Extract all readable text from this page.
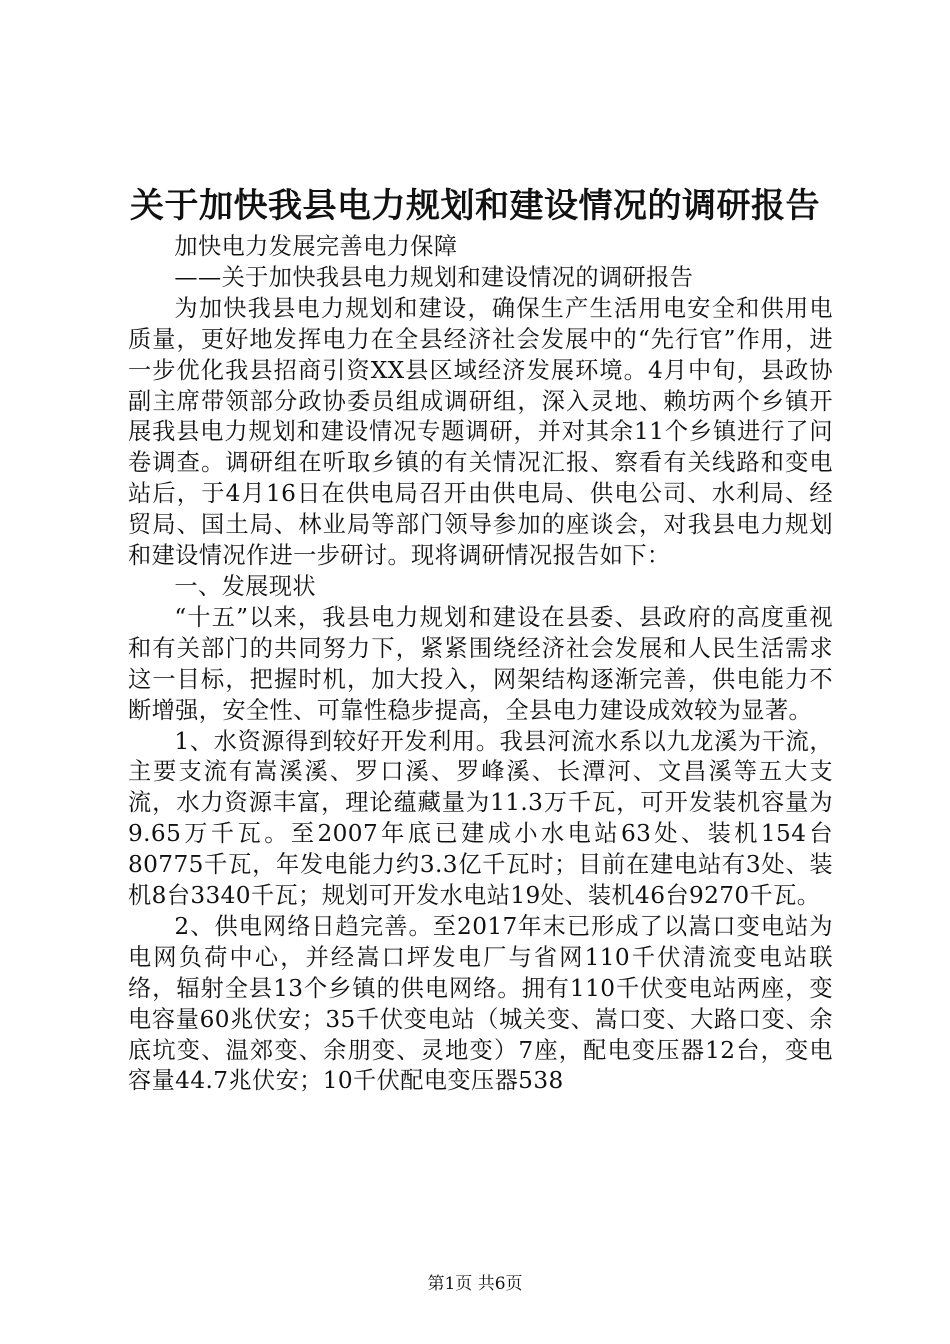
关于加快我县电力规划和建设情况的调研报告

加快电力发展完善电力保障

——关于加快我县电力规划和建设情况的调研报告

为加快我县电力规划和建设，确保生产生活用电安全和供用电质量，更好地发挥电力在全县经济社会发展中的“先行官”作用，进一步优化我县招商引资XX县区域经济发展环境。4月中旬，县政协副主席带领部分政协委员组成调研组，深入灵地、赖坊两个乡镇开展我县电力规划和建设情况专题调研，并对其余11个乡镇进行了问卷调查。调研组在听取乡镇的有关情况汇报、察看有关线路和变电站后，于4月16日在供电局召开由供电局、供电公司、水利局、经贸局、国土局、林业局等部门领导参加的座谈会，对我县电力规划和建设情况作进一步研讨。现将调研情况报告如下：

一、发展现状

“十五”以来，我县电力规划和建设在县委、县政府的高度重视和有关部门的共同努力下，紧紧围绕经济社会发展和人民生活需求这一目标，把握时机，加大投入，网架结构逐渐完善，供电能力不断增强，安全性、可靠性稳步提高，全县电力建设成效较为显著。

1、水资源得到较好开发利用。我县河流水系以九龙溪为干流，主要支流有嵩溪溪、罗口溪、罗峰溪、长潭河、文昌溪等五大支流，水力资源丰富，理论蕴藏量为11.3万千瓦，可开发装机容量为9.65万千瓦。至2007年底已建成小水电站63处、装机154台80775千瓦，年发电能力约3.3亿千瓦时；目前在建电站有3处、装机8台3340千瓦；规划可开发水电站19处、装机46台9270千瓦。

2、供电网络日趋完善。至2017年末已形成了以嵩口变电站为电网负荷中心，并经嵩口坪发电厂与省网110千伏清流变电站联络，辐射全县13个乡镇的供电网络。拥有110千伏变电站两座，变电容量60兆伏安；35千伏变电站（城关变、嵩口变、大路口变、余底坑变、温郊变、余朋变、灵地变）7座，配电变压器12台，变电容量44.7兆伏安；10千伏配电变压器538

第1页 共6页
